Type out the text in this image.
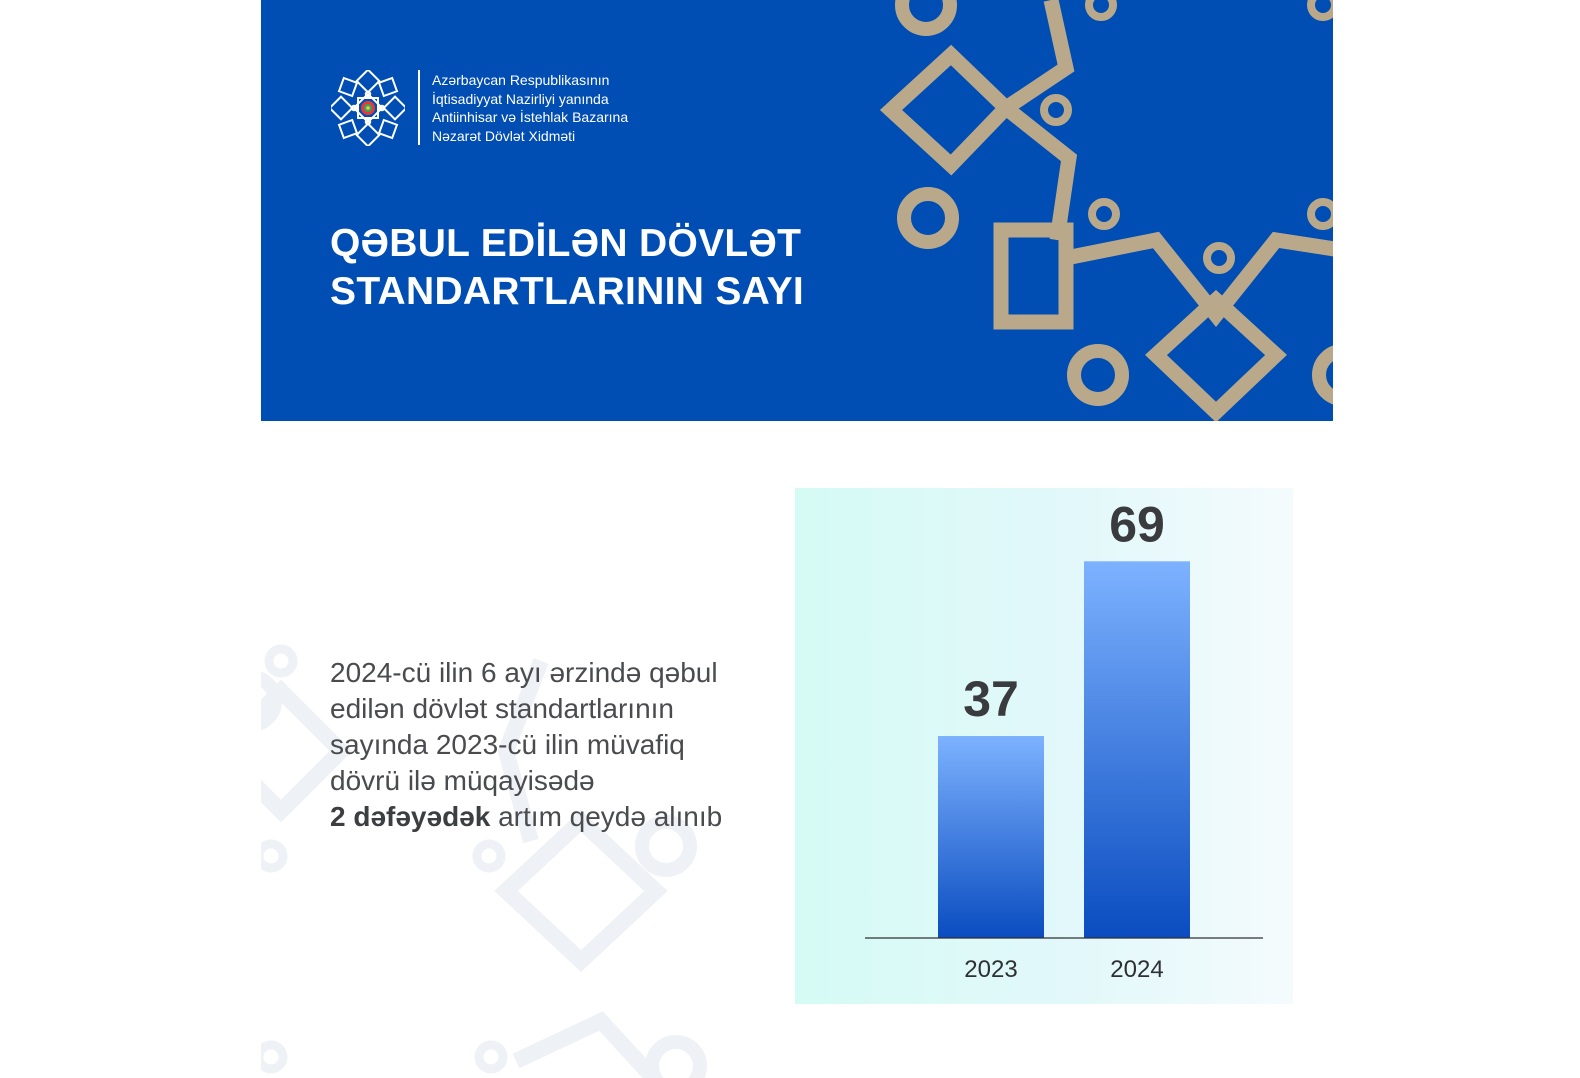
Azərbaycan Respublikasının
İqtisadiyyat Nazirliyi yanında
Antiinhisar və İstehlak Bazarına
Nəzarət Dövlət Xidməti
QƏBUL EDİLƏN DÖVLƏT
STANDARTLARININ SAYI
2024-cü ilin 6 ayı ərzində qəbul
edilən dövlət standartlarının
sayında 2023-cü ilin müvafiq
dövrü ilə müqayisədə
2 dəfəyədək artım qeydə alınıb
37
2023
69
2024
